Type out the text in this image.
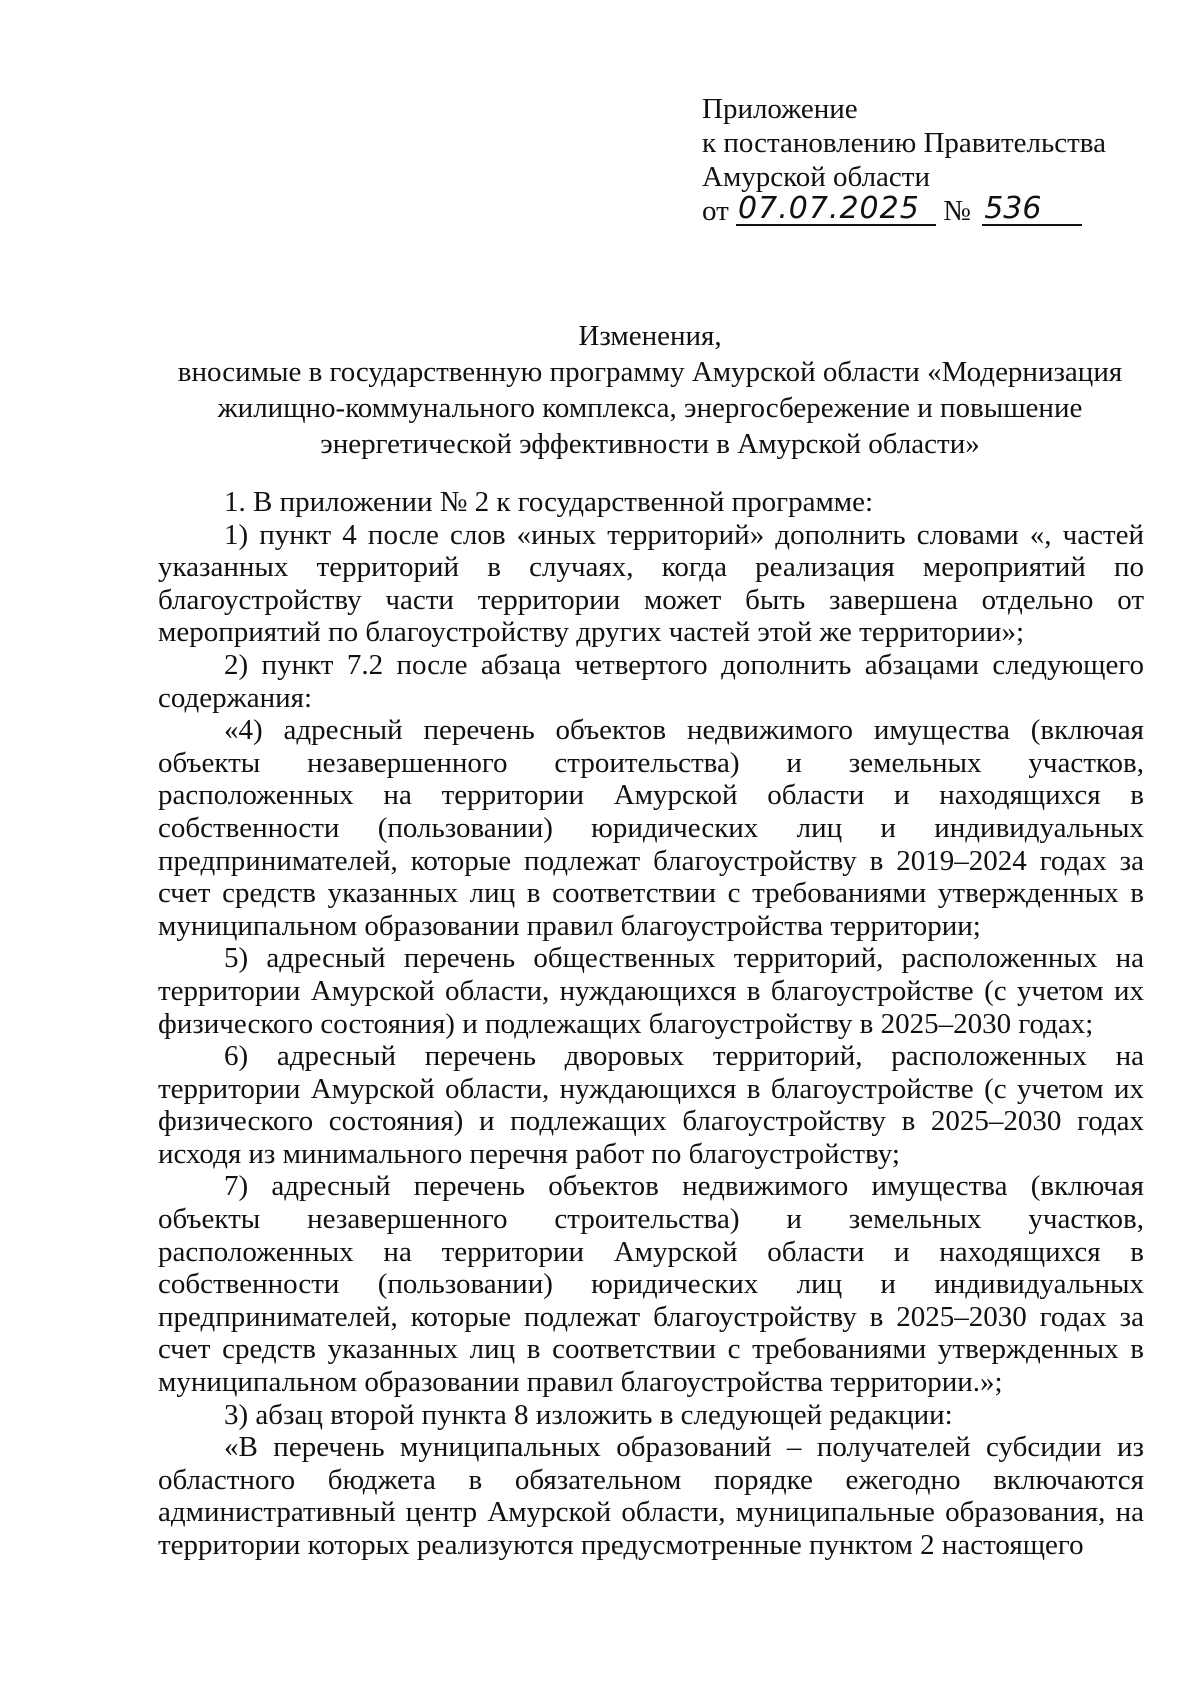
Приложение
к постановлению Правительства
Амурской области
от 07.07.2025 № 536
Изменения,
вносимые в государственную программу Амурской области «Модернизация
жилищно-коммунального комплекса, энергосбережение и повышение
энергетической эффективности в Амурской области»

1. В приложении № 2 к государственной программе:

1) пункт 4 после слов «иных территорий» дополнить словами «, частей указанных территорий в случаях, когда реализация мероприятий по благоустройству части территории может быть завершена отдельно от мероприятий по благоустройству других частей этой же территории»;

2) пункт 7.2 после абзаца четвертого дополнить абзацами следующего содержания:

«4) адресный перечень объектов недвижимого имущества (включая объекты незавершенного строительства) и земельных участков, расположенных на территории Амурской области и находящихся в собственности (пользовании) юридических лиц и индивидуальных предпринимателей, которые подлежат благоустройству в 2019–2024 годах за счет средств указанных лиц в соответствии с требованиями утвержденных в муниципальном образовании правил благоустройства территории;

5) адресный перечень общественных территорий, расположенных на территории Амурской области, нуждающихся в благоустройстве (с учетом их физического состояния) и подлежащих благоустройству в 2025–2030 годах;

6) адресный перечень дворовых территорий, расположенных на территории Амурской области, нуждающихся в благоустройстве (с учетом их физического состояния) и подлежащих благоустройству в 2025–2030 годах исходя из минимального перечня работ по благоустройству;

7) адресный перечень объектов недвижимого имущества (включая объекты незавершенного строительства) и земельных участков, расположенных на территории Амурской области и находящихся в собственности (пользовании) юридических лиц и индивидуальных предпринимателей, которые подлежат благоустройству в 2025–2030 годах за счет средств указанных лиц в соответствии с требованиями утвержденных в муниципальном образовании правил благоустройства территории.»;

3) абзац второй пункта 8 изложить в следующей редакции:

«В перечень муниципальных образований – получателей субсидии из областного бюджета в обязательном порядке ежегодно включаются административный центр Амурской области, муниципальные образования, на территории которых реализуются предусмотренные пунктом 2 настоящего
